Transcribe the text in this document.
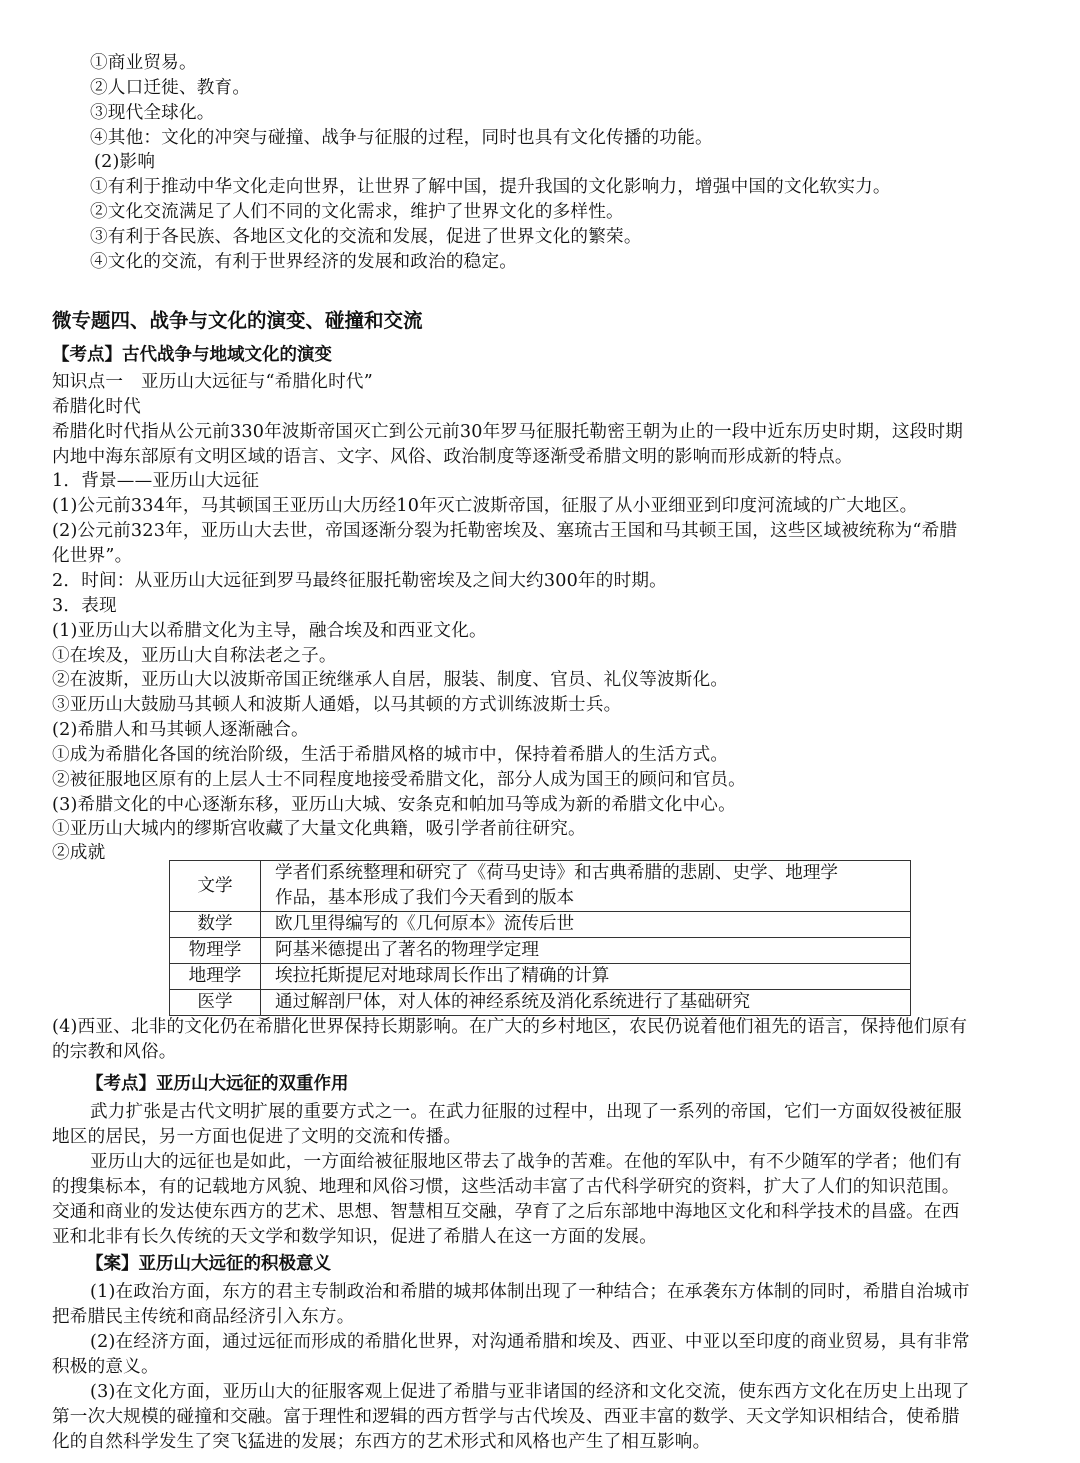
①商业贸易。
②人口迁徙、教育。
③现代全球化。
④其他：文化的冲突与碰撞、战争与征服的过程，同时也具有文化传播的功能。
(2)影响
①有利于推动中华文化走向世界，让世界了解中国，提升我国的文化影响力，增强中国的文化软实力。
②文化交流满足了人们不同的文化需求，维护了世界文化的多样性。
③有利于各民族、各地区文化的交流和发展，促进了世界文化的繁荣。
④文化的交流，有利于世界经济的发展和政治的稳定。
微专题四、战争与文化的演变、碰撞和交流
【考点】古代战争与地域文化的演变
知识点一　亚历山大远征与“希腊化时代”
希腊化时代
希腊化时代指从公元前330年波斯帝国灭亡到公元前30年罗马征服托勒密王朝为止的一段中近东历史时期，这段时期
内地中海东部原有文明区域的语言、文字、风俗、政治制度等逐渐受希腊文明的影响而形成新的特点。
1．背景——亚历山大远征
(1)公元前334年，马其顿国王亚历山大历经10年灭亡波斯帝国，征服了从小亚细亚到印度河流域的广大地区。
(2)公元前323年，亚历山大去世，帝国逐渐分裂为托勒密埃及、塞琉古王国和马其顿王国，这些区域被统称为“希腊
化世界”。
2．时间：从亚历山大远征到罗马最终征服托勒密埃及之间大约300年的时期。
3．表现
(1)亚历山大以希腊文化为主导，融合埃及和西亚文化。
①在埃及，亚历山大自称法老之子。
②在波斯，亚历山大以波斯帝国正统继承人自居，服装、制度、官员、礼仪等波斯化。
③亚历山大鼓励马其顿人和波斯人通婚，以马其顿的方式训练波斯士兵。
(2)希腊人和马其顿人逐渐融合。
①成为希腊化各国的统治阶级，生活于希腊风格的城市中，保持着希腊人的生活方式。
②被征服地区原有的上层人士不同程度地接受希腊文化，部分人成为国王的顾问和官员。
(3)希腊文化的中心逐渐东移，亚历山大城、安条克和帕加马等成为新的希腊文化中心。
①亚历山大城内的缪斯宫收藏了大量文化典籍，吸引学者前往研究。
②成就
文学	学者们系统整理和研究了《荷马史诗》和古典希腊的悲剧、史学、地理学
作品，基本形成了我们今天看到的版本

数学	欧几里得编写的《几何原本》流传后世
物理学	阿基米德提出了著名的物理学定理
地理学	埃拉托斯提尼对地球周长作出了精确的计算
医学	通过解剖尸体，对人体的神经系统及消化系统进行了基础研究
(4)西亚、北非的文化仍在希腊化世界保持长期影响。在广大的乡村地区，农民仍说着他们祖先的语言，保持他们原有
的宗教和风俗。
【考点】亚历山大远征的双重作用
武力扩张是古代文明扩展的重要方式之一。在武力征服的过程中，出现了一系列的帝国，它们一方面奴役被征服
地区的居民，另一方面也促进了文明的交流和传播。
亚历山大的远征也是如此，一方面给被征服地区带去了战争的苦难。在他的军队中，有不少随军的学者；他们有
的搜集标本，有的记载地方风貌、地理和风俗习惯，这些活动丰富了古代科学研究的资料，扩大了人们的知识范围。
交通和商业的发达使东西方的艺术、思想、智慧相互交融，孕育了之后东部地中海地区文化和科学技术的昌盛。在西
亚和北非有长久传统的天文学和数学知识，促进了希腊人在这一方面的发展。
【案】亚历山大远征的积极意义
(1)在政治方面，东方的君主专制政治和希腊的城邦体制出现了一种结合；在承袭东方体制的同时，希腊自治城市
把希腊民主传统和商品经济引入东方。
(2)在经济方面，通过远征而形成的希腊化世界，对沟通希腊和埃及、西亚、中亚以至印度的商业贸易，具有非常
积极的意义。
(3)在文化方面，亚历山大的征服客观上促进了希腊与亚非诸国的经济和文化交流，使东西方文化在历史上出现了
第一次大规模的碰撞和交融。富于理性和逻辑的西方哲学与古代埃及、西亚丰富的数学、天文学知识相结合，使希腊
化的自然科学发生了突飞猛进的发展；东西方的艺术形式和风格也产生了相互影响。
